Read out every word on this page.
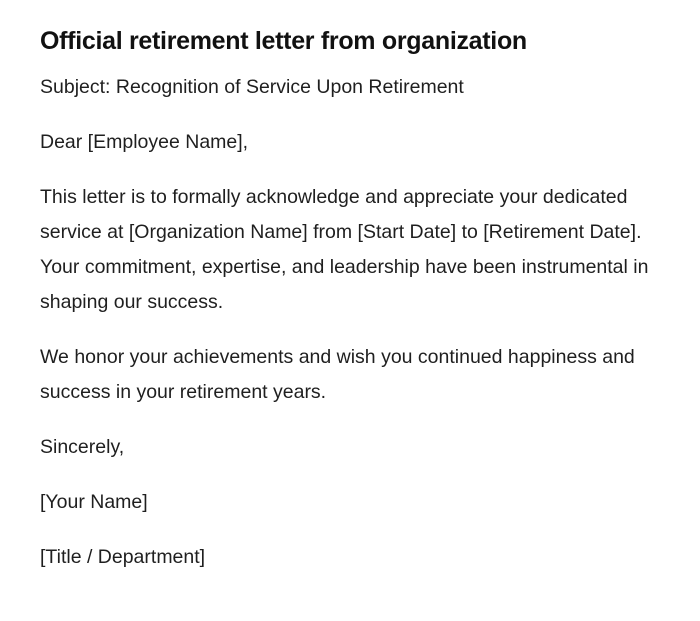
Official retirement letter from organization

Subject: Recognition of Service Upon Retirement

Dear [Employee Name],

This letter is to formally acknowledge and appreciate your dedicated service at [Organization Name] from [Start Date] to [Retirement Date]. Your commitment, expertise, and leadership have been instrumental in shaping our success.

We honor your achievements and wish you continued happiness and success in your retirement years.

Sincerely,

[Your Name]

[Title / Department]
